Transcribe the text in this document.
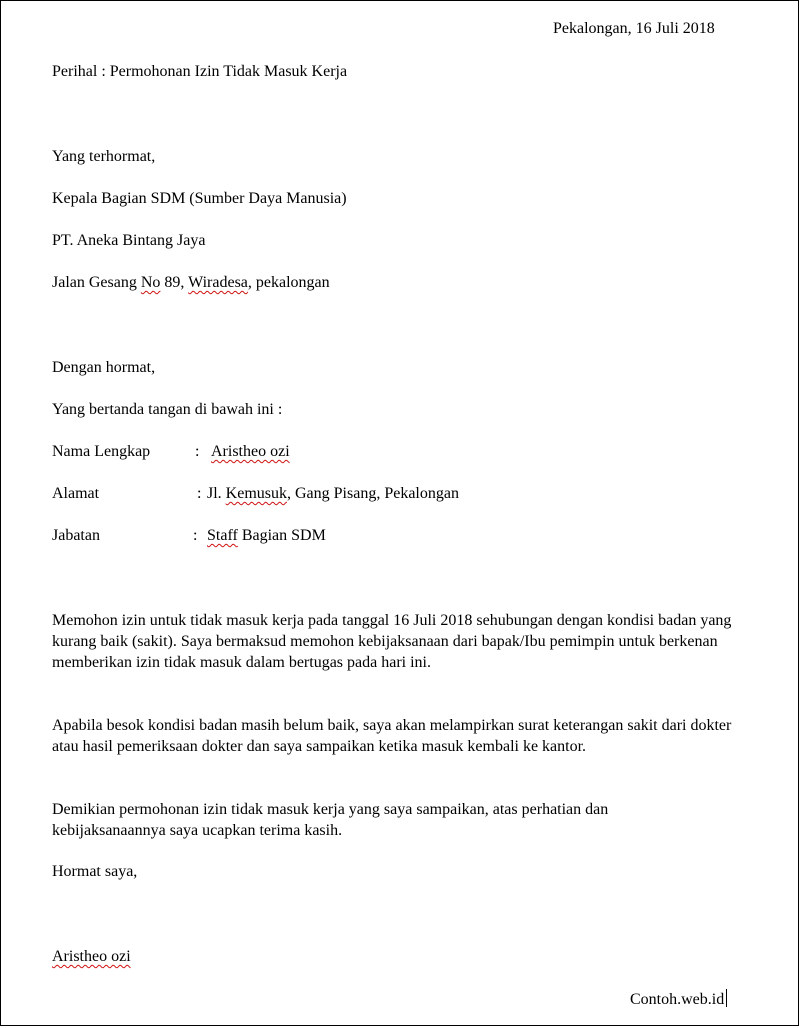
Pekalongan, 16 Juli 2018
Perihal : Permohonan Izin Tidak Masuk Kerja
Yang terhormat,
Kepala Bagian SDM (Sumber Daya Manusia)
PT. Aneka Bintang Jaya
Jalan Gesang No 89, Wiradesa, pekalongan
Dengan hormat,
Yang bertanda tangan di bawah ini :
Nama Lengkap	: Aristheo ozi
Alamat	: Jl. Kemusuk, Gang Pisang, Pekalongan
Jabatan	: Staff Bagian SDM
Memohon izin untuk tidak masuk kerja pada tanggal 16 Juli 2018 sehubungan dengan kondisi badan yang kurang baik (sakit). Saya bermaksud memohon kebijaksanaan dari bapak/Ibu pemimpin untuk berkenan memberikan izin tidak masuk dalam bertugas pada hari ini.
Apabila besok kondisi badan masih belum baik, saya akan melampirkan surat keterangan sakit dari dokter atau hasil pemeriksaan dokter dan saya sampaikan ketika masuk kembali ke kantor.
Demikian permohonan izin tidak masuk kerja yang saya sampaikan, atas perhatian dan kebijaksanaannya saya ucapkan terima kasih.
Hormat saya,
Aristheo ozi
Contoh.web.id
